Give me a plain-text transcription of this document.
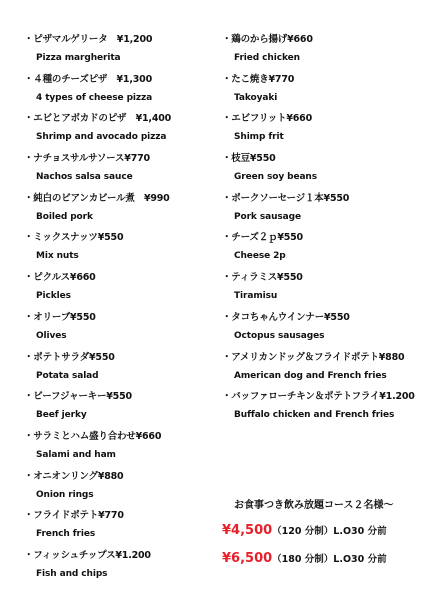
・ピザマルゲリータ　¥1,200
Pizza margherita
・４種のチーズピザ　¥1,300
4 types of cheese pizza
・エビとアボカドのピザ　¥1,400
Shrimp and avocado pizza
・ナチョスサルサソース¥770
Nachos salsa sauce
・純白のビアンカビール煮　¥990
Boiled pork
・ミックスナッツ¥550
Mix nuts
・ピクルス¥660
Pickles
・オリーブ¥550
Olives
・ポテトサラダ¥550
Potata salad
・ビーフジャーキー¥550
Beef jerky
・サラミとハム盛り合わせ¥660
Salami and ham
・オニオンリング¥880
Onion rings
・フライドポテト¥770
French fries
・フィッシュチップス¥1.200
Fish and chips
・鶏のから揚げ¥660
Fried chicken
・たこ焼き¥770
Takoyaki
・エビフリット¥660
Shimp frit
・枝豆¥550
Green soy beans
・ポークソーセージ１本¥550
Pork sausage
・チーズ２ｐ¥550
Cheese 2p
・ティラミス¥550
Tiramisu
・タコちゃんウインナー¥550
Octopus sausages
・アメリカンドッグ＆フライドポテト¥880
American dog and French fries
・バッファローチキン＆ポテトフライ¥1.200
Buffalo chicken and French fries
お食事つき飲み放題コース２名様～
¥4,500（120 分制）L.O30 分前
¥6,500（180 分制）L.O30 分前
